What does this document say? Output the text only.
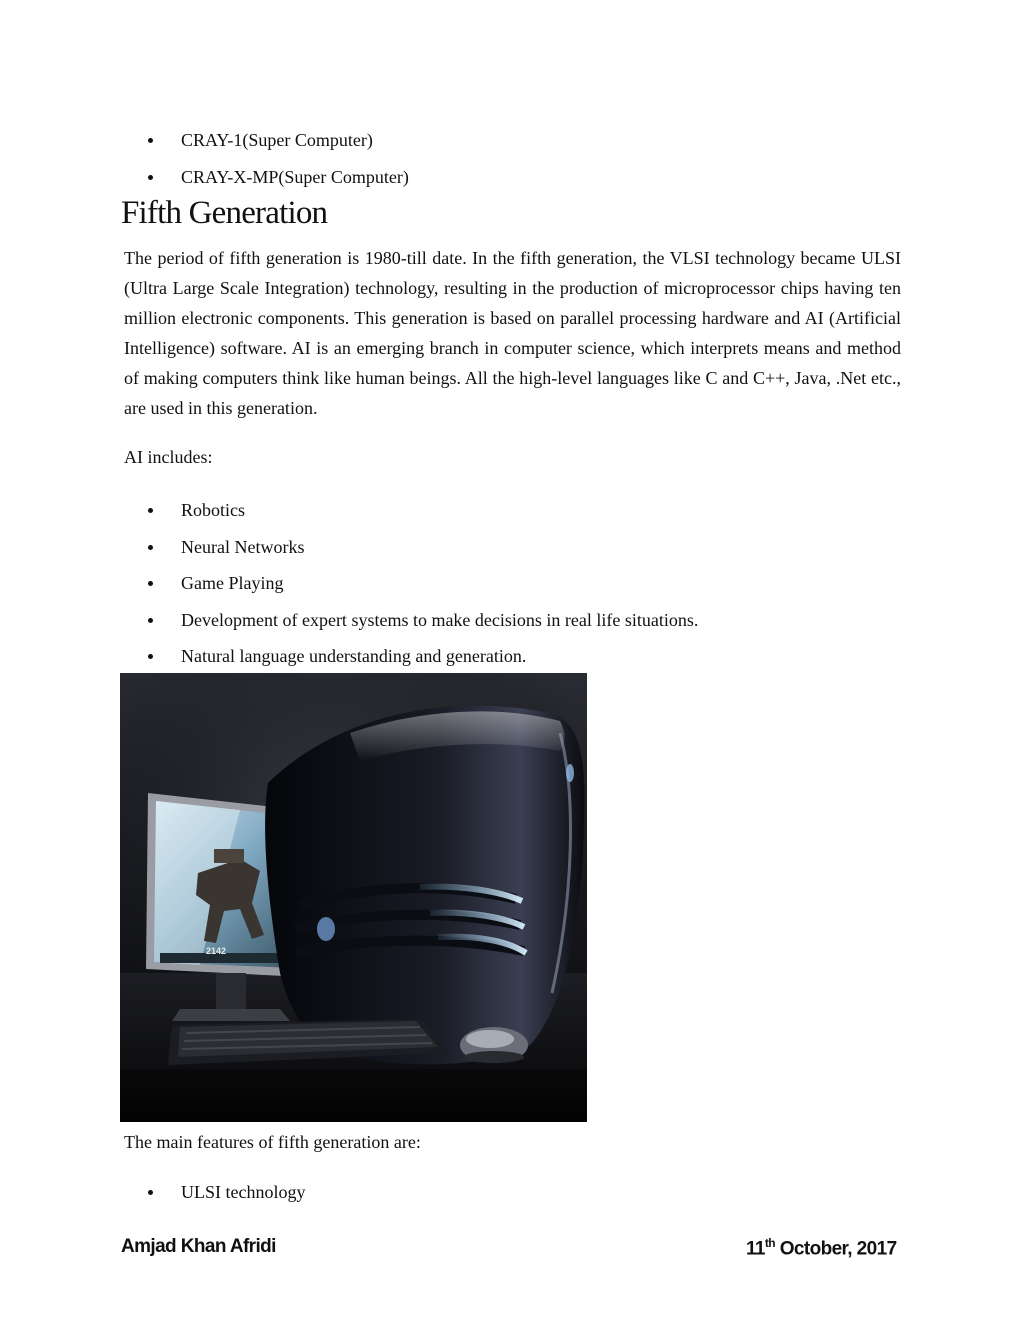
CRAY-1(Super Computer)
CRAY-X-MP(Super Computer)
Fifth Generation

The period of fifth generation is 1980-till date. In the fifth generation, the VLSI technology became ULSI (Ultra Large Scale Integration) technology, resulting in the production of microprocessor chips having ten million electronic components. This generation is based on parallel processing hardware and AI (Artificial Intelligence) software. AI is an emerging branch in computer science, which interprets means and method of making computers think like human beings. All the high-level languages like C and C++, Java, .Net etc., are used in this generation.

AI includes:

Robotics
Neural Networks
Game Playing
Development of expert systems to make decisions in real life situations.
Natural language understanding and generation.
2142

The main features of fifth generation are:

ULSI technology
Amjad Khan Afridi	11th October, 2017
